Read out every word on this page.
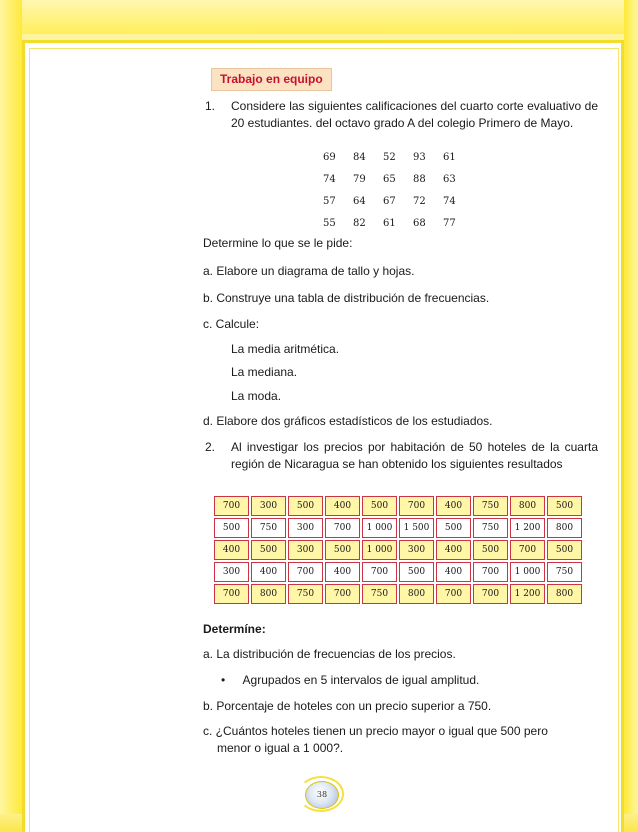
Trabajo en equipo
1. Considere las siguientes calificaciones del cuarto corte evaluativo de 20 estudiantes. del octavo grado A del colegio Primero de Mayo.
69	84	52	93	61
74	79	65	88	63
57	64	67	72	74
55	82	61	68	77
Determine lo que se le pide:
a. Elabore un diagrama de tallo y hojas.
b. Construye una tabla de distribución de frecuencias.
c. Calcule:
La media aritmética.
La mediana.
La moda.
d. Elabore dos gráficos estadísticos de los estudiados.
2. Al investigar los precios por habitación de 50 hoteles de la cuarta región de Nicaragua se han obtenido los siguientes resultados
700	300	500	400	500	700	400	750	800	500
500	750	300	700	1 000	1 500	500	750	1 200	800
400	500	300	500	1 000	300	400	500	700	500
300	400	700	400	700	500	400	700	1 000	750
700	800	750	700	750	800	700	700	1 200	800
Determíne:
a. La distribución de frecuencias de los precios.
• Agrupados en 5 intervalos de igual amplitud.
b. Porcentaje de hoteles con un precio superior a 750.
c. ¿Cuántos hoteles tienen un precio mayor o igual que 500 pero menor o igual a 1 000?.
38
